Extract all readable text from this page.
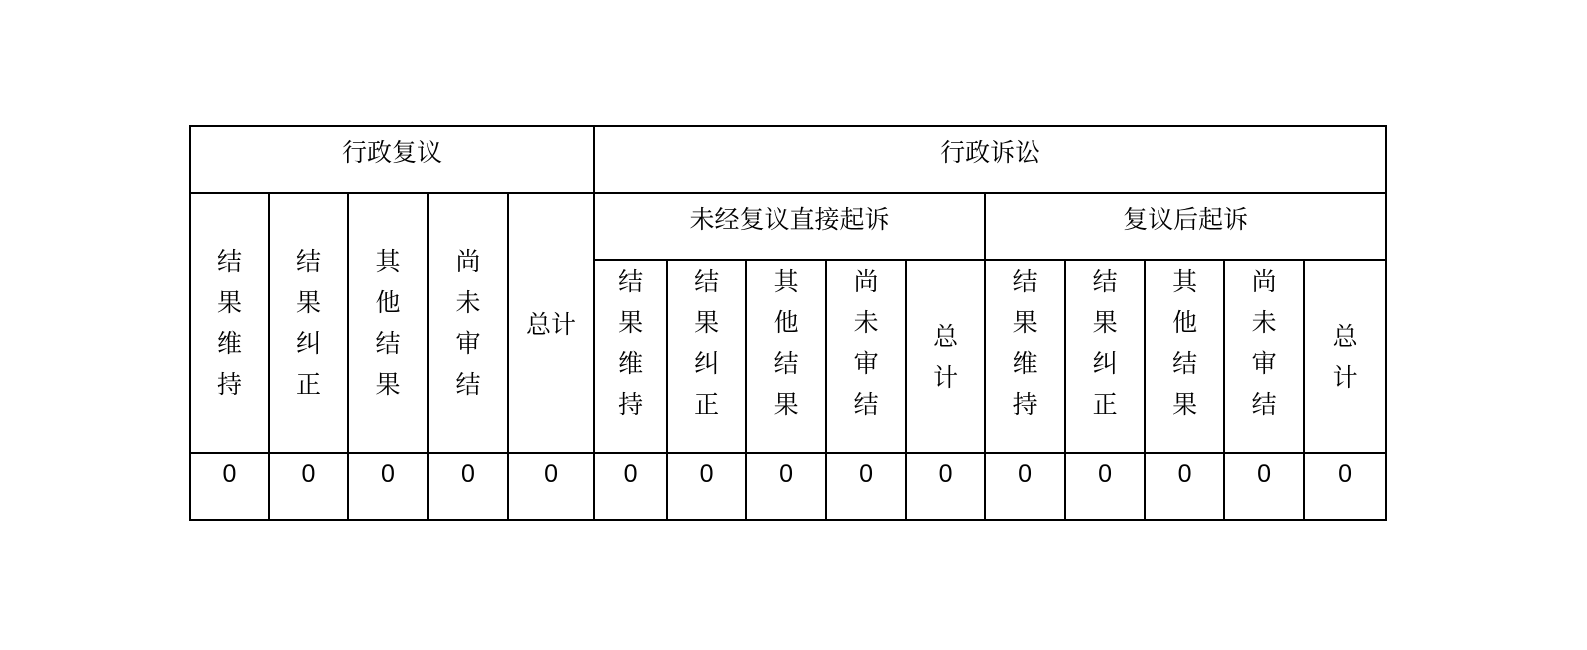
行政复议					行政诉讼									
结果维持	结果纠正	其他结果	尚未审结	总计	未经复议直接起诉					复议后起诉				
					结果维持	结果纠正	其他结果	尚未审结	总计	结果维持	结果纠正	其他结果	尚未审结	总计
0	0	0	0	0	0	0	0	0	0	0	0	0	0	0
